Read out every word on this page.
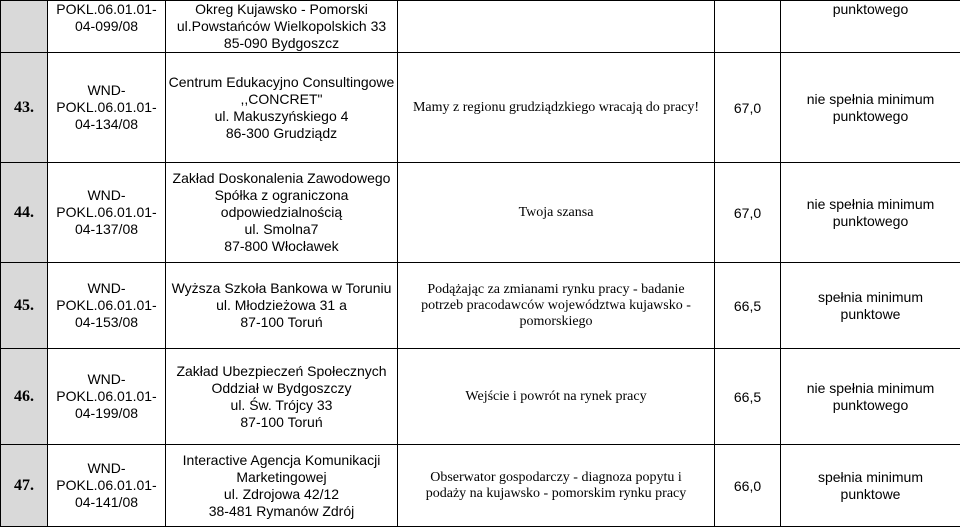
	POKL.06.01.01-
04-099/08	Okreg Kujawsko - Pomorski
ul.Powstańców Wielkopolskich 33
85-090 Bydgoszcz			punktowego

43.	WND-
POKL.06.01.01-
04-134/08	Centrum Edukacyjno Consultingowe
,,CONCRET"
ul. Makuszyńskiego 4
86-300 Grudziądz	Mamy z regionu grudziądzkiego wracają do pracy!	67,0	nie spełnia minimum
punktowego

44.	WND-
POKL.06.01.01-
04-137/08	Zakład Doskonalenia Zawodowego
Spółka z ograniczona
odpowiedzialnością
ul. Smolna7
87-800 Włocławek	Twoja szansa	67,0	nie spełnia minimum
punktowego

45.	WND-
POKL.06.01.01-
04-153/08	Wyższa Szkoła Bankowa w Toruniu
ul. Młodzieżowa 31 a
87-100 Toruń	Podążając za zmianami rynku pracy - badanie
potrzeb pracodawców województwa kujawsko -
pomorskiego	66,5	spełnia minimum
punktowe

46.	WND-
POKL.06.01.01-
04-199/08	Zakład Ubezpieczeń Społecznych
Oddział w Bydgoszczy
ul. Św. Trójcy 33
87-100 Toruń	Wejście i powrót na rynek pracy	66,5	nie spełnia minimum
punktowego

47.	WND-
POKL.06.01.01-
04-141/08	Interactive Agencja Komunikacji
Marketingowej
ul. Zdrojowa 42/12
38-481 Rymanów Zdrój	Obserwator gospodarczy - diagnoza popytu i
podaży na kujawsko - pomorskim rynku pracy	66,0	spełnia minimum
punktowe
